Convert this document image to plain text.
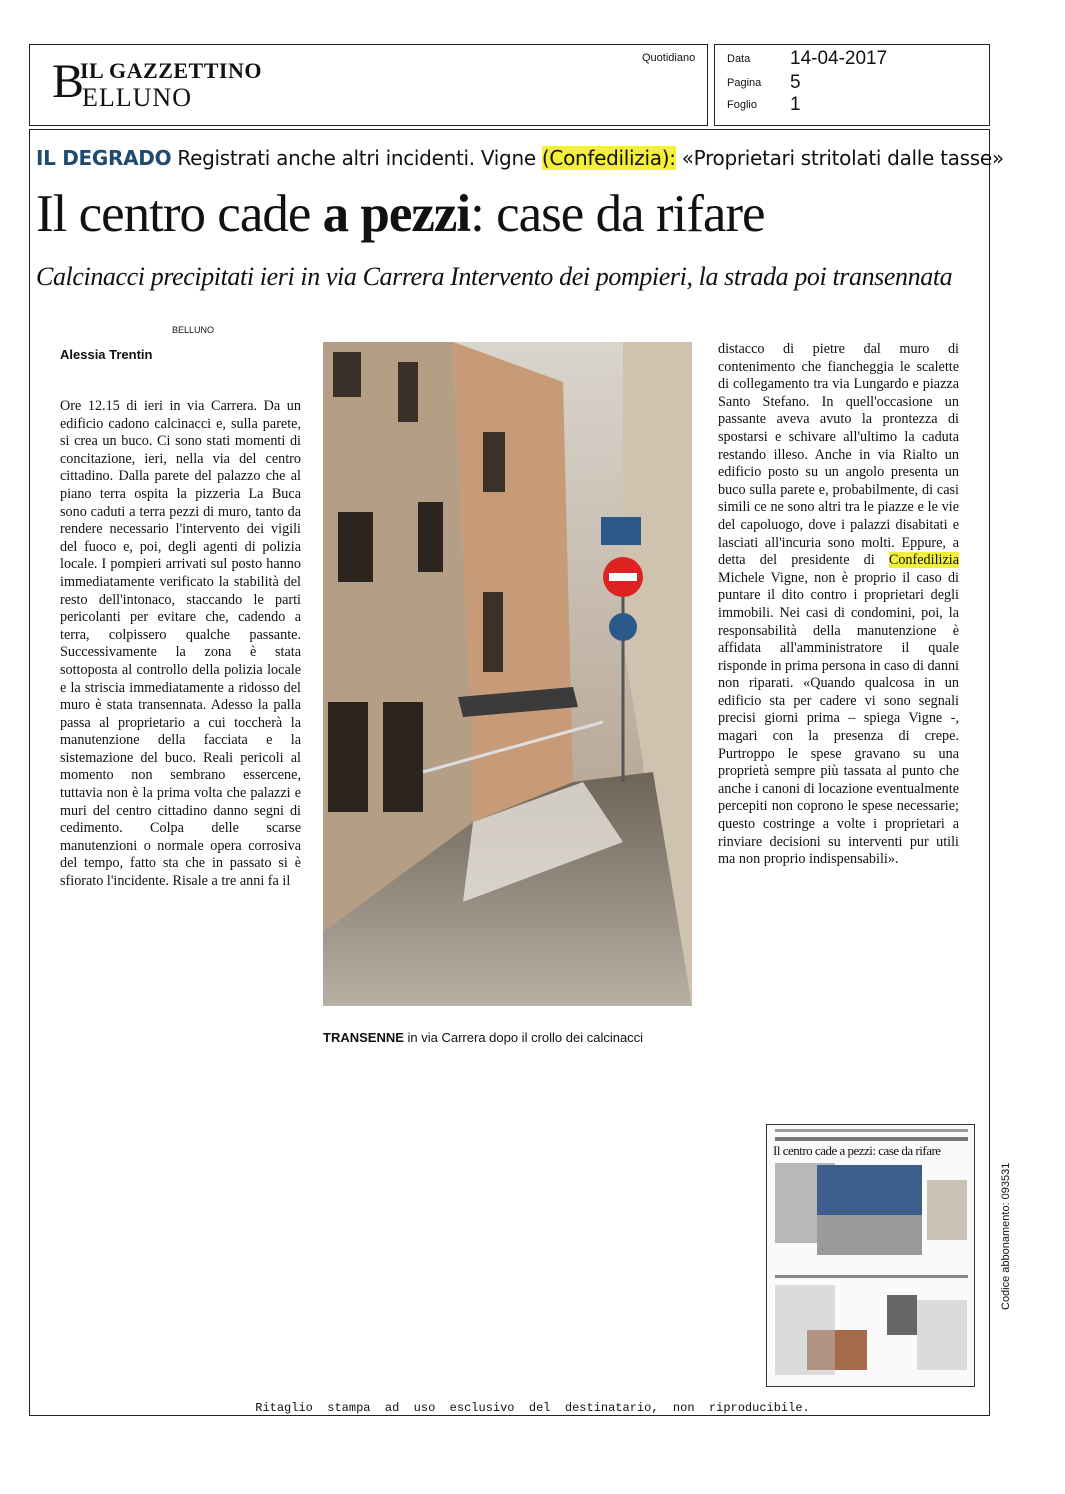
IL GAZZETTINO
B
ELLUNO
Quotidiano	Data 14-04-2017
Pagina 5
Foglio 1
IL DEGRADO Registrati anche altri incidenti. Vigne (Confedilizia): «Proprietari stritolati dalle tasse»
Il centro cade a pezzi: case da rifare
Calcinacci precipitati ieri in via Carrera Intervento dei pompieri, la strada poi transennata
BELLUNO
Alessia Trentin

Ore 12.15 di ieri in via Carrera. Da un edificio cadono calcinacci e, sulla parete, si crea un buco. Ci sono stati momenti di concitazione, ieri, nella via del centro cittadino. Dalla parete del palazzo che al piano terra ospita la pizzeria La Buca sono caduti a terra pezzi di muro, tanto da rendere necessario l'intervento dei vigili del fuoco e, poi, degli agenti di polizia locale. I pompieri arrivati sul posto hanno immediatamente verificato la stabilità del resto dell'intonaco, staccando le parti pericolanti per evitare che, cadendo a terra, colpissero qualche passante. Successivamente la zona è stata sottoposta al controllo della polizia locale e la striscia immediatamente a ridosso del muro è stata transennata. Adesso la palla passa al proprietario a cui toccherà la manutenzione della facciata e la sistemazione del buco. Reali pericoli al momento non sembrano essercene, tuttavia non è la prima volta che palazzi e muri del centro cittadino danno segni di cedimento. Colpa delle scarse manutenzioni o normale opera corrosiva del tempo, fatto sta che in passato si è sfiorato l'incidente. Risale a tre anni fa il

TRANSENNE in via Carrera dopo il crollo dei calcinacci

distacco di pietre dal muro di contenimento che fiancheggia le scalette di collegamento tra via Lungardo e piazza Santo Stefano. In quell'occasione un passante aveva avuto la prontezza di spostarsi e schivare all'ultimo la caduta restando illeso. Anche in via Rialto un edificio posto su un angolo presenta un buco sulla parete e, probabilmente, di casi simili ce ne sono altri tra le piazze e le vie del capoluogo, dove i palazzi disabitati e lasciati all'incuria sono molti. Eppure, a detta del presidente di Confedilizia Michele Vigne, non è proprio il caso di puntare il dito contro i proprietari degli immobili. Nei casi di condomini, poi, la responsabilità della manutenzione è affidata all'amministratore il quale risponde in prima persona in caso di danni non riparati. «Quando qualcosa in un edificio sta per cadere vi sono segnali precisi giorni prima – spiega Vigne -, magari con la presenza di crepe. Purtroppo le spese gravano su una proprietà sempre più tassata al punto che anche i canoni di locazione eventualmente percepiti non coprono le spese necessarie; questo costringe a volte i proprietari a rinviare decisioni su interventi pur utili ma non proprio indispensabili».

Il centro cade a pezzi: case da rifare
Ritaglio  stampa  ad  uso  esclusivo  del  destinatario,  non  riproducibile.
Codice abbonamento: 093531
